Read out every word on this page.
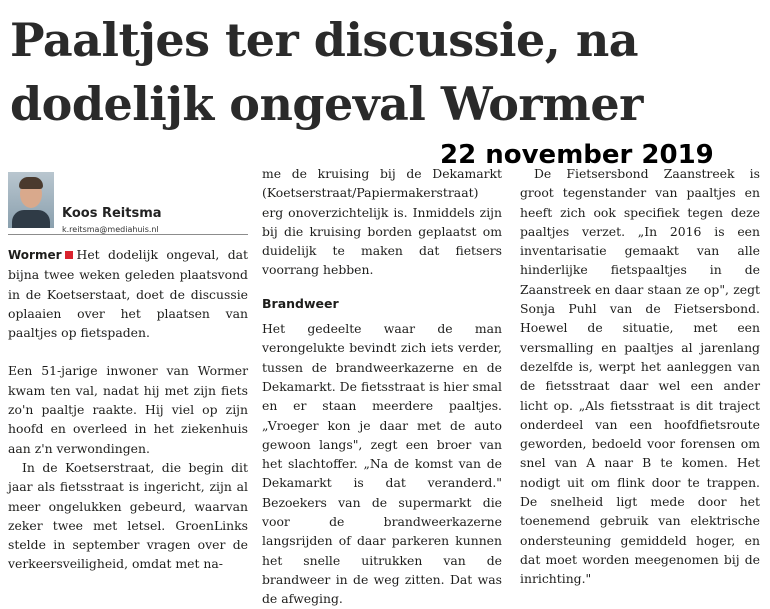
Paaltjes ter discussie, na
dodelijk ongeval Wormer
22 november 2019
Koos Reitsma
k.reitsma@mediahuis.nl

Wormer Het dodelijk ongeval, dat bijna twee weken geleden plaatsvond in de Koetserstaat, doet de discussie oplaaien over het plaatsen van paaltjes op fietspaden.

Een 51-jarige inwoner van Wormer kwam ten val, nadat hij met zijn fiets zo'n paaltje raakte. Hij viel op zijn hoofd en overleed in het ziekenhuis aan z'n verwondingen.

In de Koetserstraat, die begin dit jaar als fietsstraat is ingericht, zijn al meer ongelukken gebeurd, waarvan zeker twee met letsel. GroenLinks stelde in september vragen over de verkeersveiligheid, omdat met na-

me de kruising bij de Dekamarkt (Koetserstraat/Papiermakerstraat) erg onoverzichtelijk is. Inmiddels zijn bij die kruising borden geplaatst om duidelijk te maken dat fietsers voorrang hebben.

Brandweer

Het gedeelte waar de man verongelukte bevindt zich iets verder, tussen de brandweerkazerne en de Dekamarkt. De fietsstraat is hier smal en er staan meerdere paaltjes. „Vroeger kon je daar met de auto gewoon langs", zegt een broer van het slachtoffer. „Na de komst van de Dekamarkt is dat veranderd." Bezoekers van de supermarkt die voor de brandweerkazerne langsrijden of daar parkeren kunnen het snelle uitrukken van de brandweer in de weg zitten. Dat was de afweging.

De Fietsersbond Zaanstreek is groot tegenstander van paaltjes en heeft zich ook specifiek tegen deze paaltjes verzet. „In 2016 is een inventarisatie gemaakt van alle hinderlijke fietspaaltjes in de Zaanstreek en daar staan ze op", zegt Sonja Puhl van de Fietsersbond. Hoewel de situatie, met een versmalling en paaltjes al jarenlang dezelfde is, werpt het aanleggen van de fietsstraat daar wel een ander licht op. „Als fietsstraat is dit traject onderdeel van een hoofdfietsroute geworden, bedoeld voor forensen om snel van A naar B te komen. Het nodigt uit om flink door te trappen. De snelheid ligt mede door het toenemend gebruik van elektrische ondersteuning gemiddeld hoger, en dat moet worden meegenomen bij de inrichting."
